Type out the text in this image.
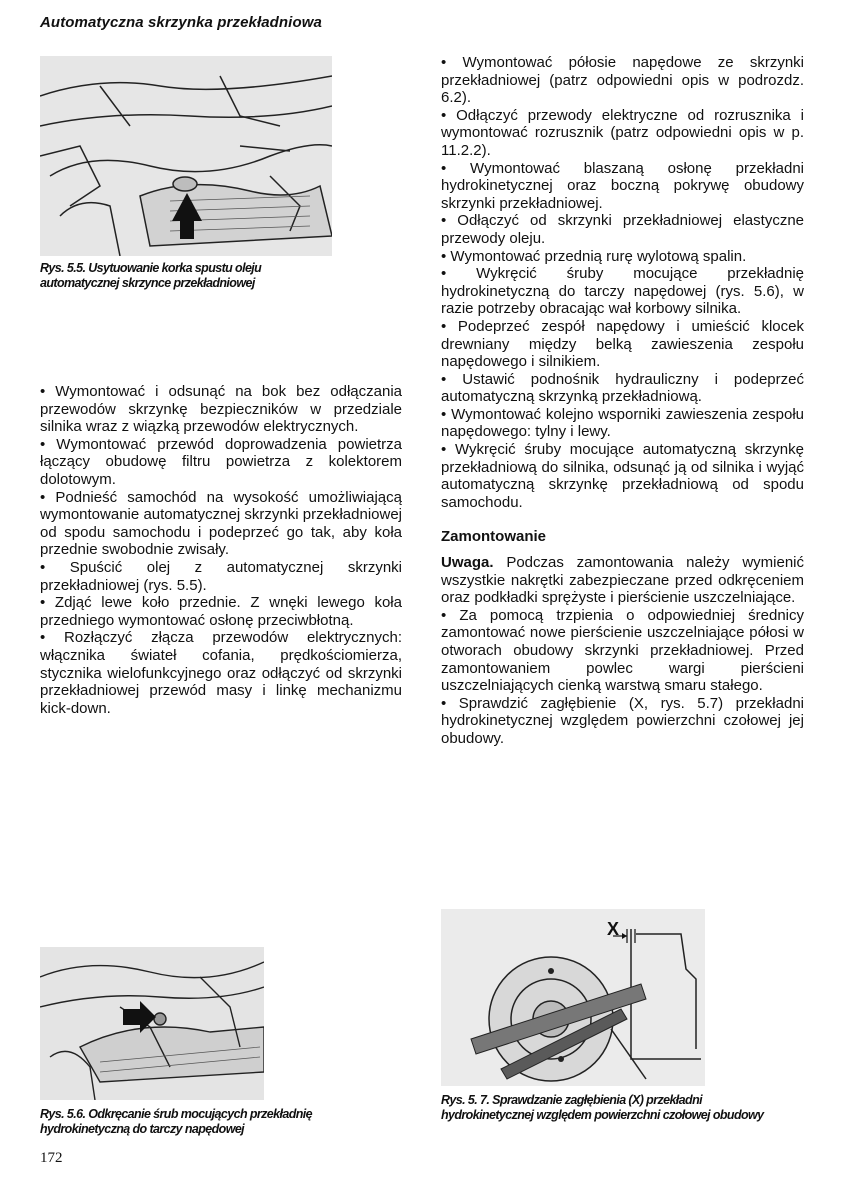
Automatyczna skrzynka przekładniowa
Rys. 5.5. Usytuowanie korka spustu oleju automatycznej skrzynce przekładniowej

• Wymontować i odsunąć na bok bez odłączania przewodów skrzynkę bezpieczników w przedziale silnika wraz z wiązką przewodów elektrycznych.

• Wymontować przewód doprowadzenia powietrza łączący obudowę filtru powietrza z kolektorem dolotowym.

• Podnieść samochód na wysokość umożliwiającą wymontowanie automatycznej skrzynki przekładniowej od spodu samochodu i podeprzeć go tak, aby koła przednie swobodnie zwisały.

• Spuścić olej z automatycznej skrzynki przekładniowej (rys. 5.5).

• Zdjąć lewe koło przednie. Z wnęki lewego koła przedniego wymontować osłonę przeciwbłotną.

• Rozłączyć złącza przewodów elektrycznych: włącznika świateł cofania, prędkościomierza, stycznika wielofunkcyjnego oraz odłączyć od skrzynki przekładniowej przewód masy i linkę mechanizmu kick-down.

• Wymontować półosie napędowe ze skrzynki przekładniowej (patrz odpowiedni opis w podrozdz. 6.2).

• Odłączyć przewody elektryczne od rozrusznika i wymontować rozrusznik (patrz odpowiedni opis w p. 11.2.2).

• Wymontować blaszaną osłonę przekładni hydrokinetycznej oraz boczną pokrywę obudowy skrzynki przekładniowej.

• Odłączyć od skrzynki przekładniowej elastyczne przewody oleju.

• Wymontować przednią rurę wylotową spalin.

• Wykręcić śruby mocujące przekładnię hydrokinetyczną do tarczy napędowej (rys. 5.6), w razie potrzeby obracając wał korbowy silnika.

• Podeprzeć zespół napędowy i umieścić klocek drewniany między belką zawieszenia zespołu napędowego i silnikiem.

• Ustawić podnośnik hydrauliczny i podeprzeć automatyczną skrzynką przekładniową.

• Wymontować kolejno wsporniki zawieszenia zespołu napędowego: tylny i lewy.

• Wykręcić śruby mocujące automatyczną skrzynkę przekładniową do silnika, odsunąć ją od silnika i wyjąć automatyczną skrzynkę przekładniową od spodu samochodu.

Zamontowanie

Uwaga. Podczas zamontowania należy wymienić wszystkie nakrętki zabezpieczane przed odkręceniem oraz podkładki sprężyste i pierścienie uszczelniające.

• Za pomocą trzpienia o odpowiedniej średnicy zamontować nowe pierścienie uszczelniające półosi w otworach obudowy skrzynki przekładniowej. Przed zamontowaniem powlec wargi pierścieni uszczelniających cienką warstwą smaru stałego.

• Sprawdzić zagłębienie (X, rys. 5.7) przekładni hydrokinetycznej względem powierzchni czołowej jej obudowy.

Rys. 5.6. Odkręcanie śrub mocujących przekładnię hydrokinetyczną do tarczy napędowej
X
Rys. 5. 7. Sprawdzanie zagłębienia (X) przekładni hydrokinetycznej względem powierzchni czołowej obudowy
172
